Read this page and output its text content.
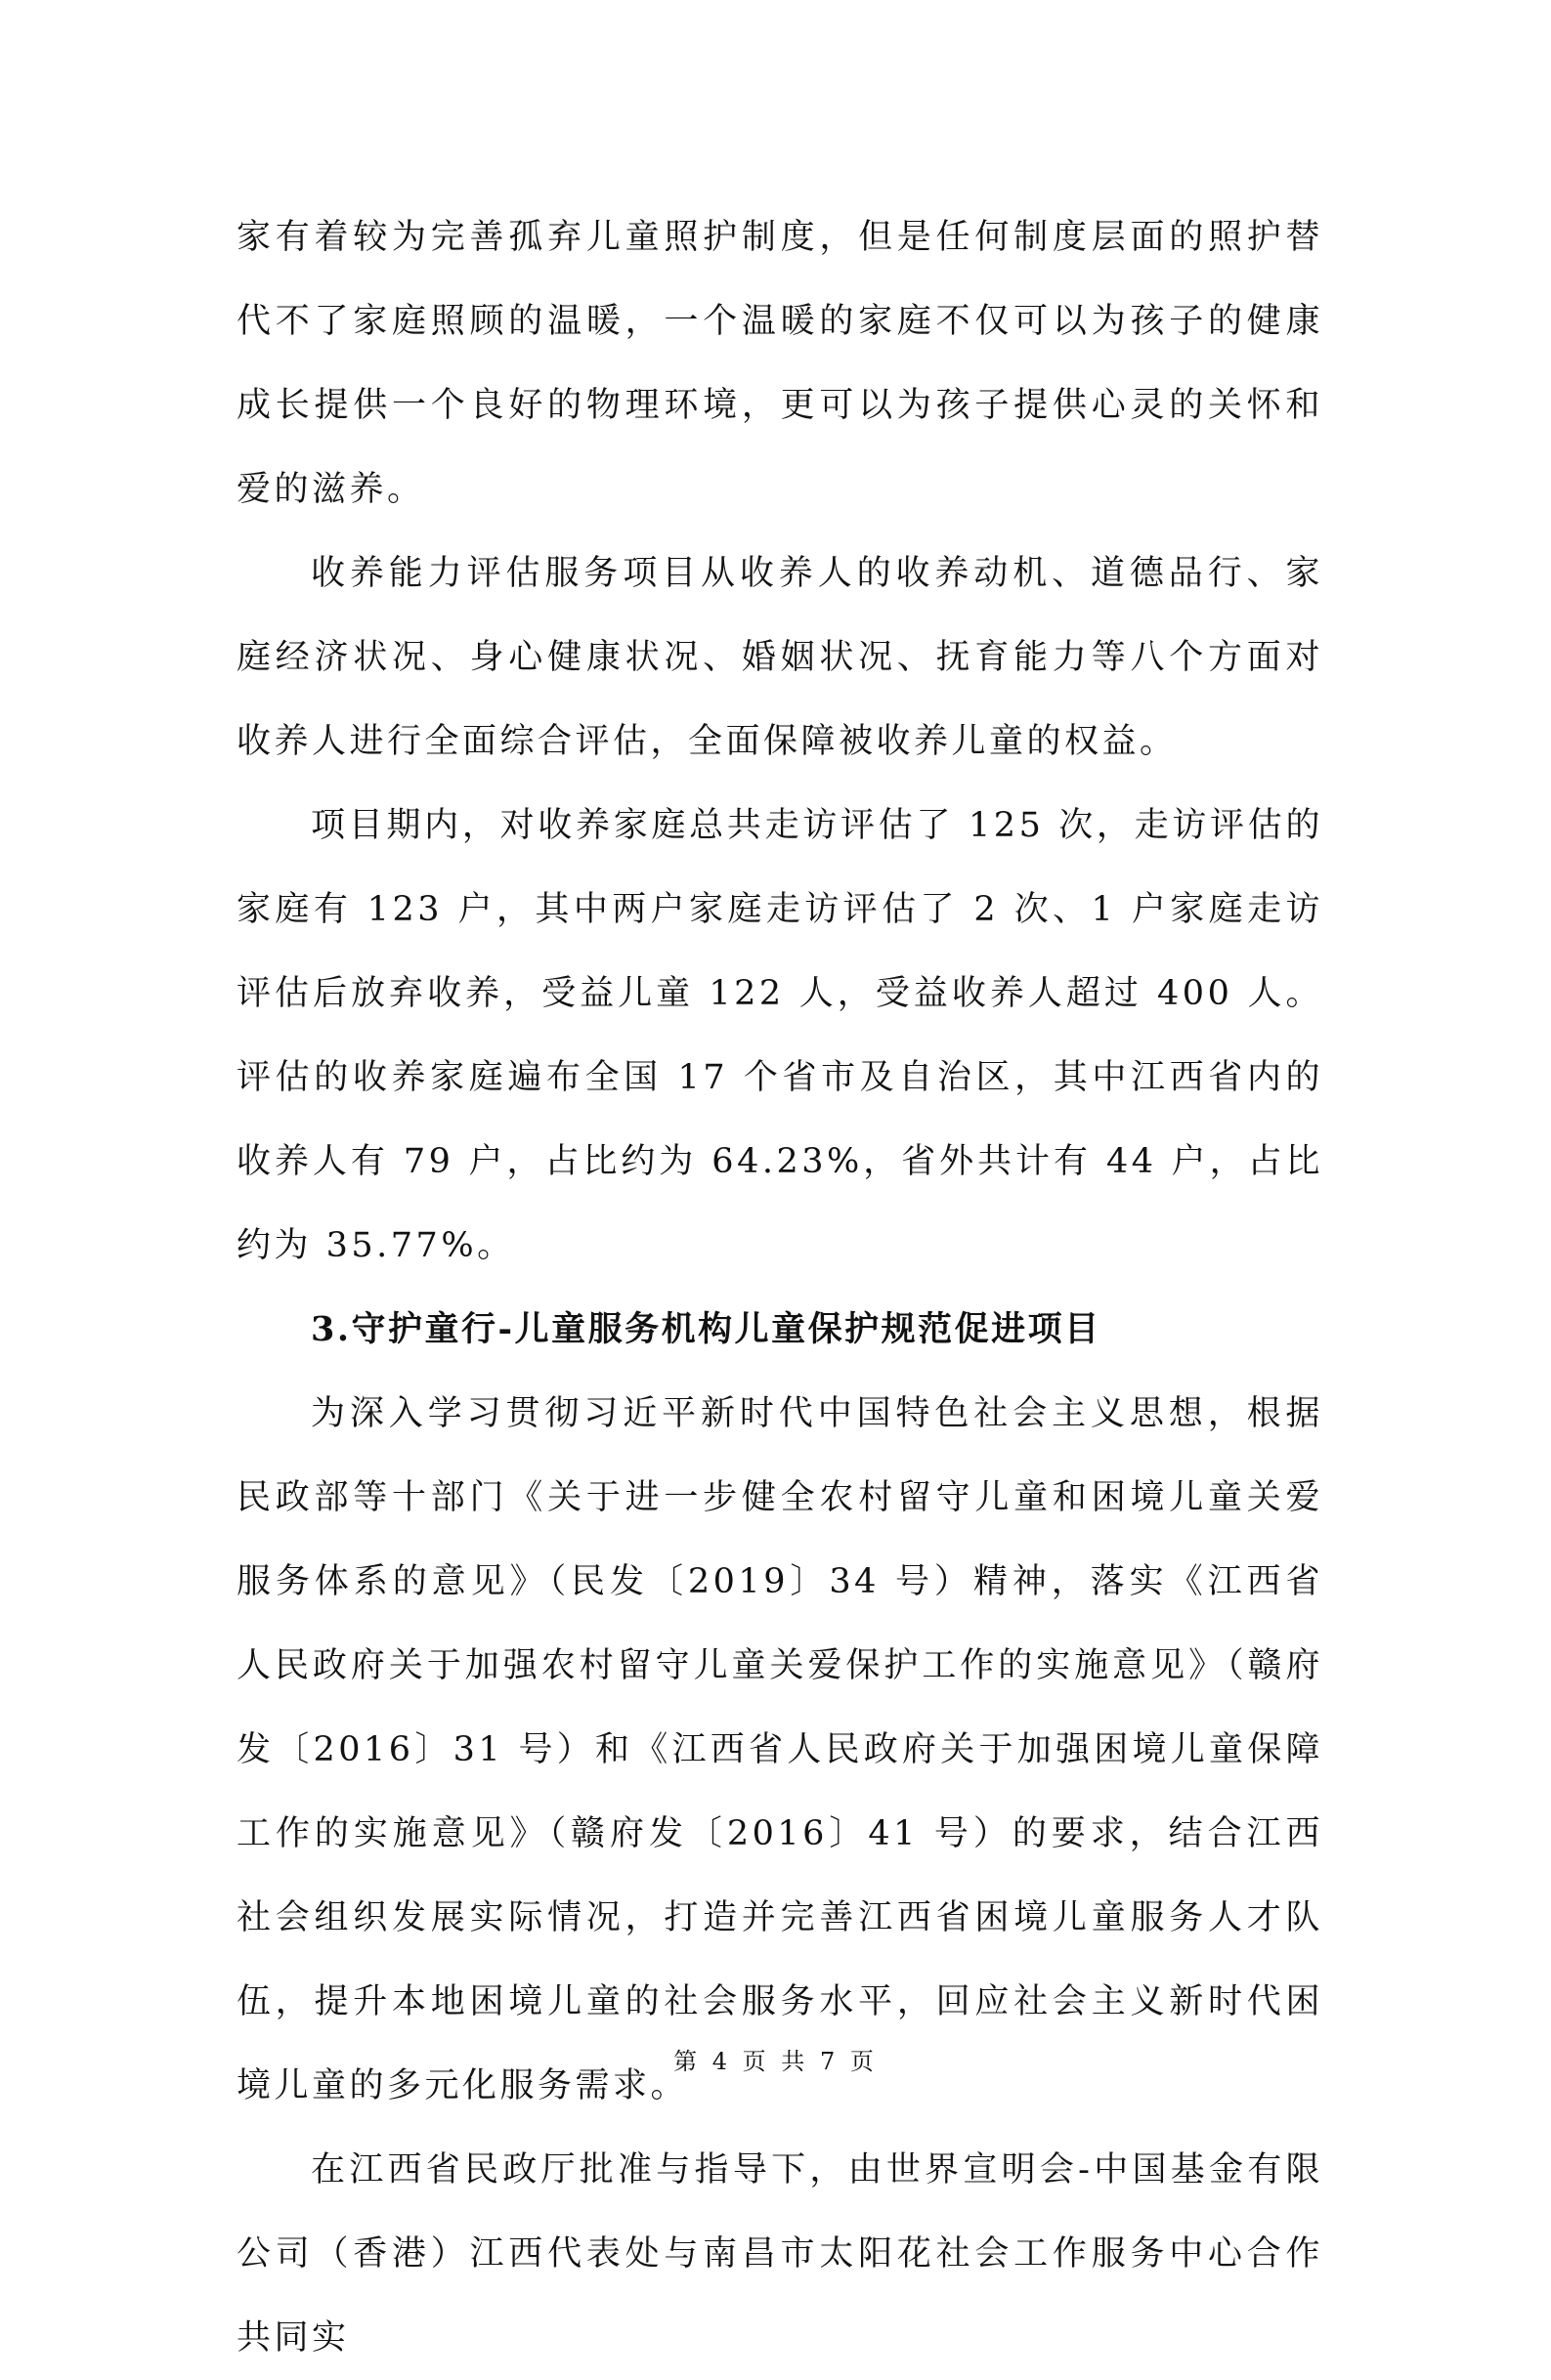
家有着较为完善孤弃儿童照护制度，但是任何制度层面的照护替代不了家庭照顾的温暖，一个温暖的家庭不仅可以为孩子的健康成长提供一个良好的物理环境，更可以为孩子提供心灵的关怀和爱的滋养。

收养能力评估服务项目从收养人的收养动机、道德品行、家庭经济状况、身心健康状况、婚姻状况、抚育能力等八个方面对收养人进行全面综合评估，全面保障被收养儿童的权益。

项目期内，对收养家庭总共走访评估了 125 次，走访评估的家庭有 123 户，其中两户家庭走访评估了 2 次、1 户家庭走访评估后放弃收养，受益儿童 122 人，受益收养人超过 400 人。评估的收养家庭遍布全国 17 个省市及自治区，其中江西省内的收养人有 79 户，占比约为 64.23%，省外共计有 44 户，占比约为 35.77%。

3.守护童行-儿童服务机构儿童保护规范促进项目

为深入学习贯彻习近平新时代中国特色社会主义思想，根据民政部等十部门《关于进一步健全农村留守儿童和困境儿童关爱服务体系的意见》（民发〔2019〕34 号）精神，落实《江西省人民政府关于加强农村留守儿童关爱保护工作的实施意见》（赣府发〔2016〕31 号）和《江西省人民政府关于加强困境儿童保障工作的实施意见》（赣府发〔2016〕41 号）的要求，结合江西社会组织发展实际情况，打造并完善江西省困境儿童服务人才队伍，提升本地困境儿童的社会服务水平，回应社会主义新时代困境儿童的多元化服务需求。

在江西省民政厅批准与指导下，由世界宣明会-中国基金有限公司（香港）江西代表处与南昌市太阳花社会工作服务中心合作共同实

第 4 页 共 7 页
